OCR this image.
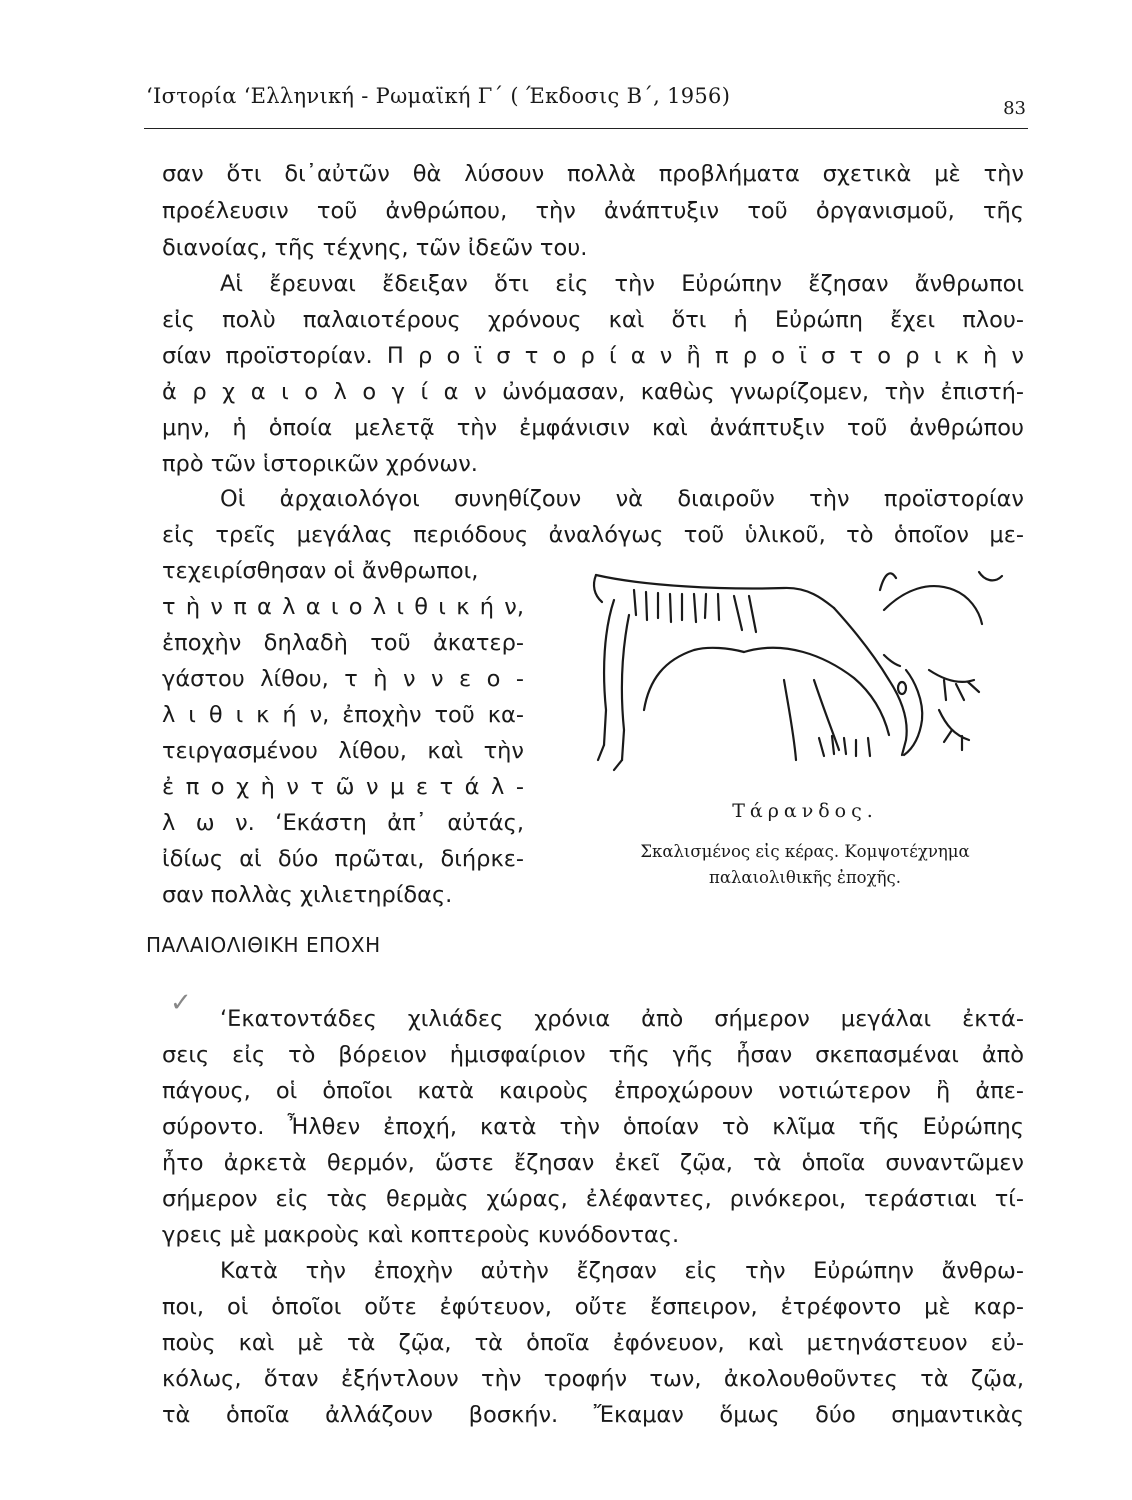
‘Ιστορία ‘Ελληνική - Ρωμαϊκή Γ΄ ( Έκδοσις Β΄, 1956)
83
σαν ὅτι δι᾽αὐτῶν θὰ λύσουν πολλὰ προβλήματα σχετικὰ μὲ τὴν
προέλευσιν τοῦ ἀνθρώπου, τὴν ἀνάπτυξιν τοῦ ὀργανισμοῦ, τῆς
διανοίας, τῆς τέχνης, τῶν ἰδεῶν του.
Αἱ ἔρευναι ἔδειξαν ὅτι εἰς τὴν Εὐρώπην ἔζησαν ἄνθρωποι
εἰς πολὺ παλαιοτέρους χρόνους καὶ ὅτι ἡ Εὐρώπη ἔχει πλου-
σίαν προϊστορίαν. Π ρ ο ϊ σ τ ο ρ ί α ν ἢ π ρ ο ϊ σ τ ο ρ ι κ ὴ ν
ἀ ρ χ α ι ο λ ο γ ί α ν ὠνόμασαν, καθὼς γνωρίζομεν, τὴν ἐπιστή-
μην, ἡ ὁποία μελετᾷ τὴν ἐμφάνισιν καὶ ἀνάπτυξιν τοῦ ἀνθρώπου
πρὸ τῶν ἱστορικῶν χρόνων.
Οἱ ἀρχαιολόγοι συνηθίζουν νὰ διαιροῦν τὴν προϊστορίαν
εἰς τρεῖς μεγάλας περιόδους ἀναλόγως τοῦ ὑλικοῦ, τὸ ὁποῖον με-
τεχειρίσθησαν οἱ ἄνθρωποι,
τ ὴ ν π α λ α ι ο λ ι θ ι κ ή ν,
ἐποχὴν δηλαδὴ τοῦ ἀκατερ-
γάστου λίθου, τ ὴ ν ν ε ο -
λ ι θ ι κ ή ν, ἐποχὴν τοῦ κα-
τειργασμένου λίθου, καὶ τὴν
ἐ π ο χ ὴ ν τ ῶ ν μ ε τ ά λ -
λ ω ν. ‘Εκάστη ἀπ᾽ αὐτάς,
ἰδίως αἱ δύο πρῶται, διήρκε-
σαν πολλὰς χιλιετηρίδας.
Τάρανδος.
Σκαλισμένος εἰς κέρας. Κομψοτέχνημα
παλαιολιθικῆς ἐποχῆς.
ΠΑΛΑΙΟΛΙΘΙΚΗ ΕΠΟΧΗ
✓
‘Εκατοντάδες χιλιάδες χρόνια ἀπὸ σήμερον μεγάλαι ἐκτά-
σεις εἰς τὸ βόρειον ἡμισφαίριον τῆς γῆς ἦσαν σκεπασμέναι ἀπὸ
πάγους, οἱ ὁποῖοι κατὰ καιροὺς ἐπροχώρουν νοτιώτερον ἢ ἀπε-
σύροντο. Ἦλθεν ἐποχή, κατὰ τὴν ὁποίαν τὸ κλῖμα τῆς Εὐρώπης
ἦτο ἀρκετὰ θερμόν, ὥστε ἔζησαν ἐκεῖ ζῷα, τὰ ὁποῖα συναντῶμεν
σήμερον εἰς τὰς θερμὰς χώρας, ἐλέφαντες, ρινόκεροι, τεράστιαι τί-
γρεις μὲ μακροὺς καὶ κοπτεροὺς κυνόδοντας.
Κατὰ τὴν ἐποχὴν αὐτὴν ἔζησαν εἰς τὴν Εὐρώπην ἄνθρω-
ποι, οἱ ὁποῖοι οὔτε ἐφύτευον, οὔτε ἔσπειρον, ἐτρέφοντο μὲ καρ-
ποὺς καὶ μὲ τὰ ζῷα, τὰ ὁποῖα ἐφόνευον, καὶ μετηνάστευον εὐ-
κόλως, ὅταν ἐξήντλουν τὴν τροφήν των, ἀκολουθοῦντες τὰ ζῷα,
τὰ ὁποῖα ἀλλάζουν βοσκήν. Ἔκαμαν ὅμως δύο σημαντικὰς
